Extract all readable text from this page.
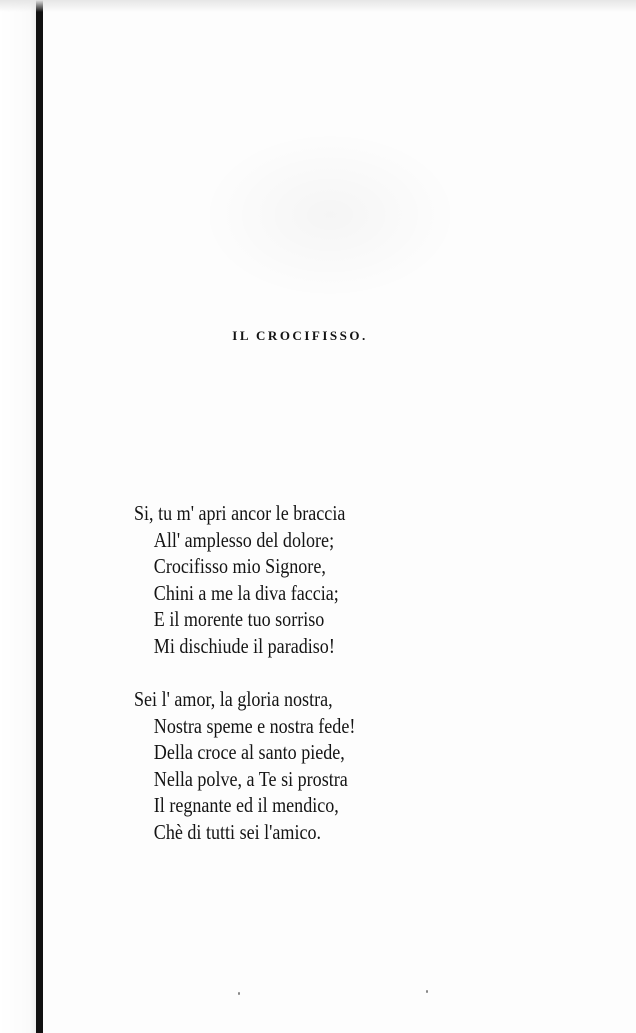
IL CROCIFISSO.
Si, tu m' apri ancor le braccia
All' amplesso del dolore;
Crocifisso mio Signore,
Chini a me la diva faccia;
E il morente tuo sorriso
Mi dischiude il paradiso!
Sei l' amor, la gloria nostra,
Nostra speme e nostra fede!
Della croce al santo piede,
Nella polve, a Te si prostra
Il regnante ed il mendico,
Chè di tutti sei l'amico.
